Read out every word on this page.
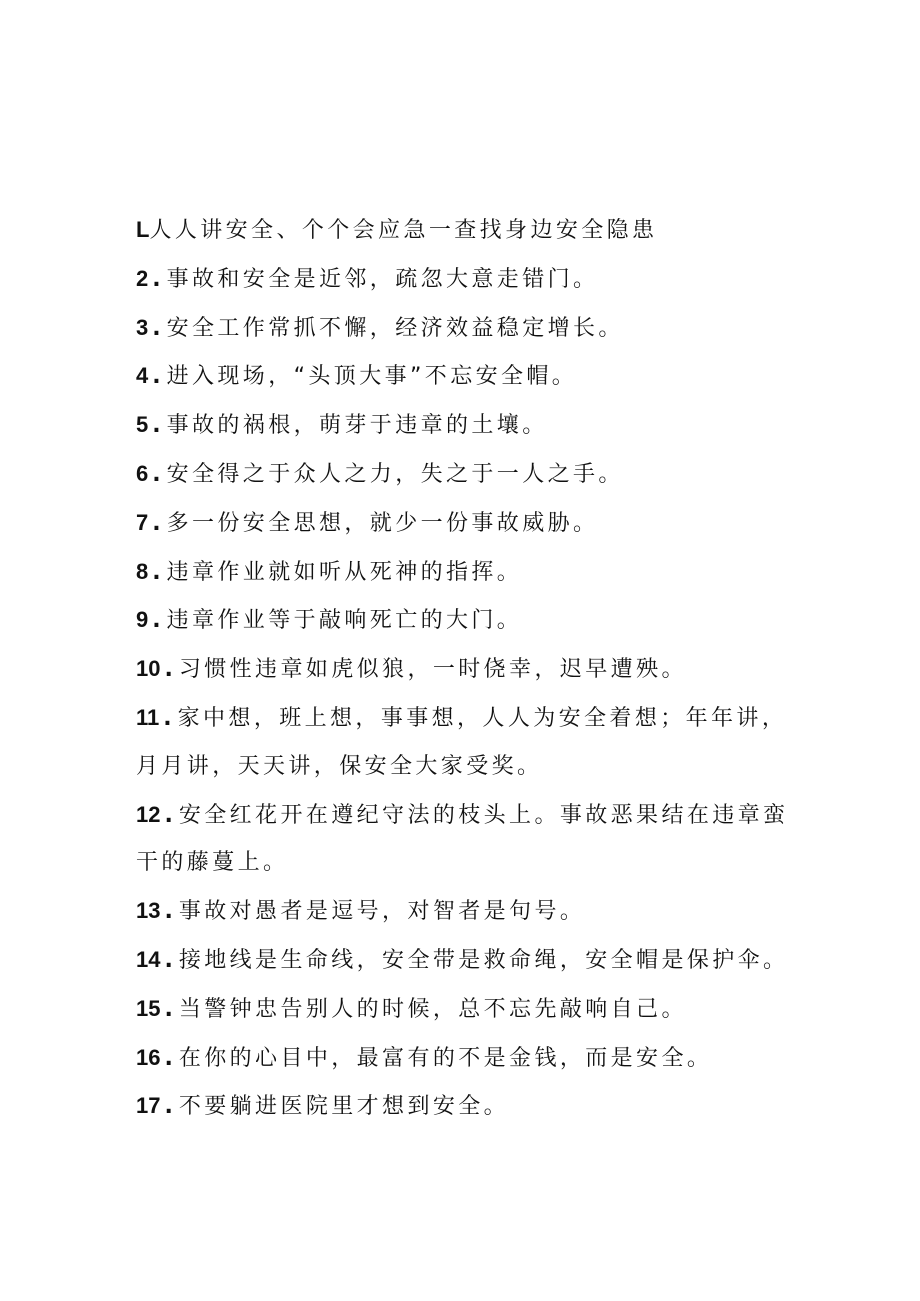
L人人讲安全、个个会应急一查找身边安全隐患

2 . 事故和安全是近邻，疏忽大意走错门。

3 . 安全工作常抓不懈，经济效益稳定增长。

4 . 进入现场，“头顶大事”不忘安全帽。

5 . 事故的祸根，萌芽于违章的土壤。

6 . 安全得之于众人之力，失之于一人之手。

7 . 多一份安全思想，就少一份事故威胁。

8 . 违章作业就如听从死神的指挥。

9 . 违章作业等于敲响死亡的大门。

10 . 习惯性违章如虎似狼，一时侥幸，迟早遭殃。

11 . 家中想，班上想，事事想，人人为安全着想；年年讲，
月月讲，天天讲，保安全大家受奖。

12 . 安全红花开在遵纪守法的枝头上。事故恶果结在违章蛮
干的藤蔓上。

13 . 事故对愚者是逗号，对智者是句号。

14 . 接地线是生命线，安全带是救命绳，安全帽是保护伞。

15 . 当警钟忠告别人的时候，总不忘先敲响自己。

16 . 在你的心目中，最富有的不是金钱，而是安全。

17 . 不要躺进医院里才想到安全。
